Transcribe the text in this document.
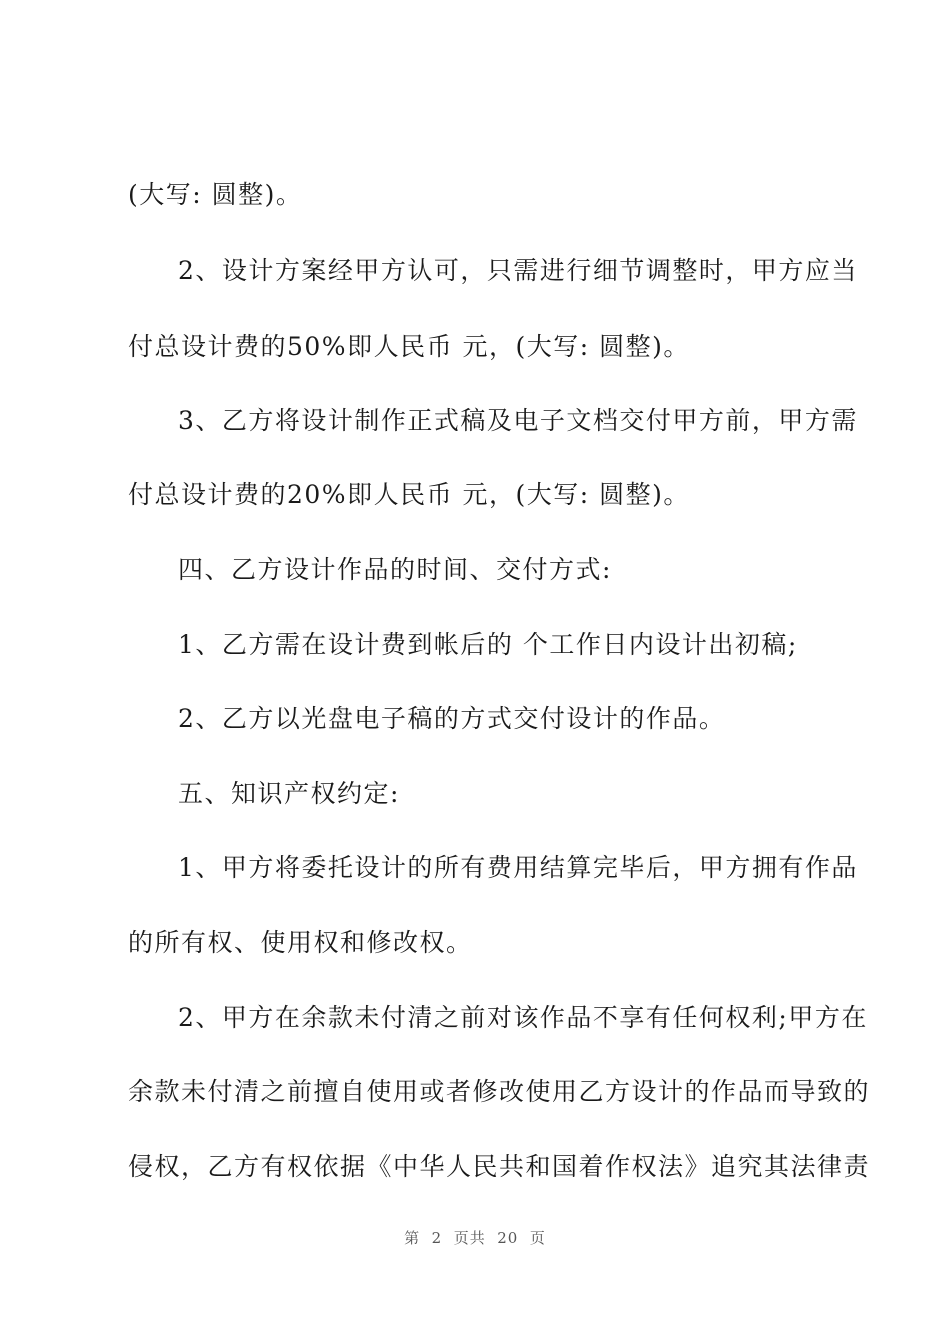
(大写: 圆整)。
2、设计方案经甲方认可，只需进行细节调整时，甲方应当
付总设计费的50%即人民币 元，(大写: 圆整)。
3、乙方将设计制作正式稿及电子文档交付甲方前，甲方需
付总设计费的20%即人民币 元，(大写: 圆整)。
四、乙方设计作品的时间、交付方式:
1、乙方需在设计费到帐后的 个工作日内设计出初稿;
2、乙方以光盘电子稿的方式交付设计的作品。
五、知识产权约定:
1、甲方将委托设计的所有费用结算完毕后，甲方拥有作品
的所有权、使用权和修改权。
2、甲方在余款未付清之前对该作品不享有任何权利;甲方在
余款未付清之前擅自使用或者修改使用乙方设计的作品而导致的
侵权，乙方有权依据《中华人民共和国着作权法》追究其法律责
第  2  页共  20  页
